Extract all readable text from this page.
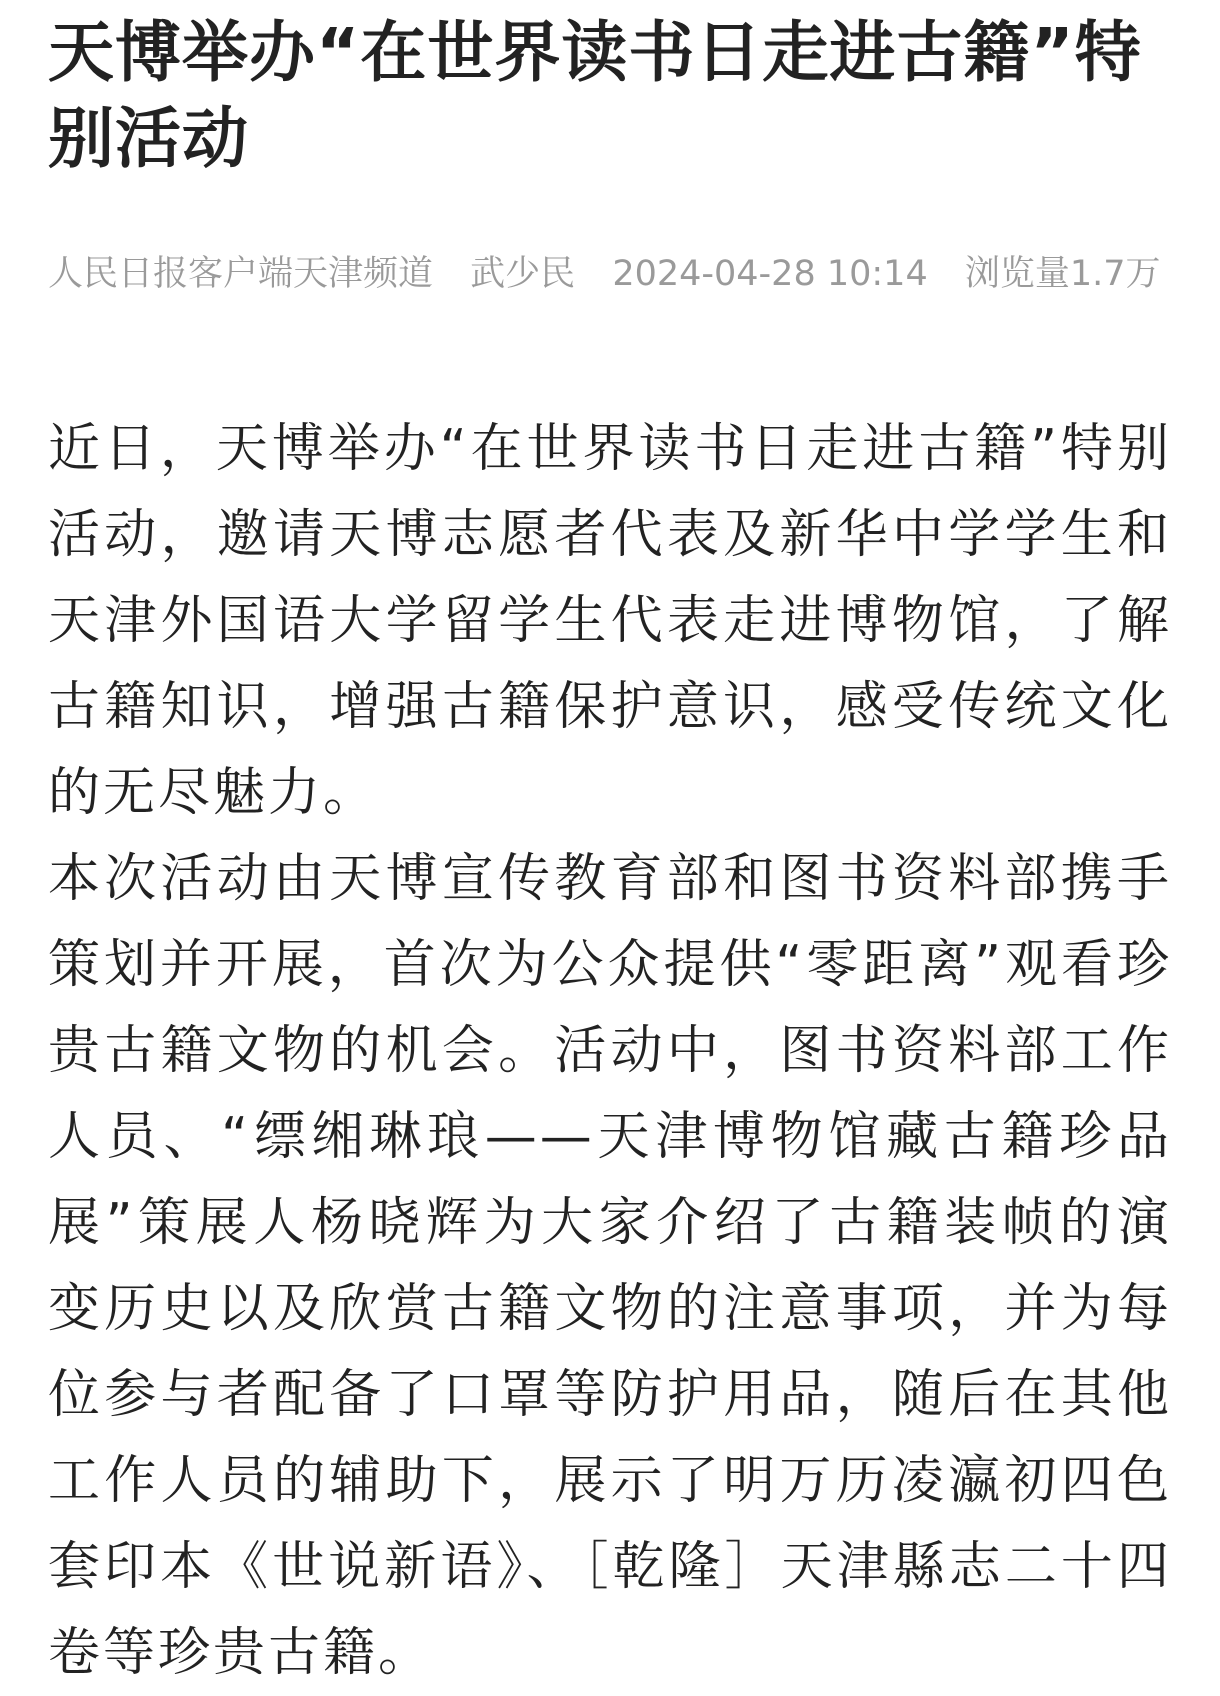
天博举办“在世界读书日走进古籍”特别活动
人民日报客户端天津频道 武少民 2024-04-28 10:14 浏览量1.7万

近日，天博举办“在世界读书日走进古籍”特别活动，邀请天博志愿者代表及新华中学学生和天津外国语大学留学生代表走进博物馆，了解古籍知识，增强古籍保护意识，感受传统文化的无尽魅力。

本次活动由天博宣传教育部和图书资料部携手策划并开展，首次为公众提供“零距离”观看珍贵古籍文物的机会。活动中，图书资料部工作人员、“缥缃琳琅——天津博物馆藏古籍珍品展”策展人杨晓辉为大家介绍了古籍装帧的演变历史以及欣赏古籍文物的注意事项，并为每位参与者配备了口罩等防护用品，随后在其他工作人员的辅助下，展示了明万历凌瀛初四色套印本《世说新语》、［乾隆］天津縣志二十四卷等珍贵古籍。
